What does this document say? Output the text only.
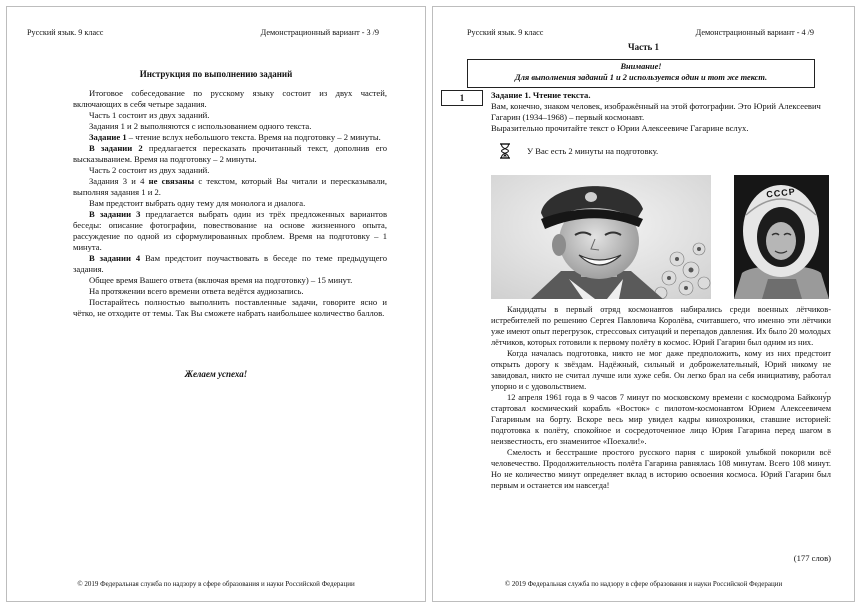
Русский язык. 9 класс	Демонстрационный вариант - 3 /9
Инструкция по выполнению заданий

Итоговое собеседование по русскому языку состоит из двух частей, включающих в себя четыре задания.

Часть 1 состоит из двух заданий.

Задания 1 и 2 выполняются с использованием одного текста.

Задание 1 – чтение вслух небольшого текста. Время на подготовку – 2 минуты.

В задании 2 предлагается пересказать прочитанный текст, дополнив его высказыванием. Время на подготовку – 2 минуты.

Часть 2 состоит из двух заданий.

Задания 3 и 4 не связаны с текстом, который Вы читали и пересказывали, выполняя задания 1 и 2.

Вам предстоит выбрать одну тему для монолога и диалога.

В задании 3 предлагается выбрать один из трёх предложенных вариантов беседы: описание фотографии, повествование на основе жизненного опыта, рассуждение по одной из сформулированных проблем. Время на подготовку – 1 минута.

В задании 4 Вам предстоит поучаствовать в беседе по теме предыдущего задания.

Общее время Вашего ответа (включая время на подготовку) – 15 минут.

На протяжении всего времени ответа ведётся аудиозапись.

Постарайтесь полностью выполнить поставленные задачи, говорите ясно и чётко, не отходите от темы. Так Вы сможете набрать наибольшее количество баллов.

Желаем успеха!
© 2019 Федеральная служба по надзору в сфере образования и науки Российской Федерации
Русский язык. 9 класс	Демонстрационный вариант - 4 /9
Часть 1
Внимание!
Для выполнения заданий 1 и 2 используется один и тот же текст.
1	Задание 1. Чтение текста.

Вам, конечно, знаком человек, изображённый на этой фотографии. Это Юрий Алексеевич Гагарин (1934–1968) – первый космонавт.

Выразительно прочитайте текст о Юрии Алексеевиче Гагарине вслух.

У Вас есть 2 минуты на подготовку.
СССР

Кандидаты в первый отряд космонавтов набирались среди военных лётчиков-истребителей по решению Сергея Павловича Королёва, считавшего, что именно эти лётчики уже имеют опыт перегрузок, стрессовых ситуаций и перепадов давления. Их было 20 молодых лётчиков, которых готовили к первому полёту в космос. Юрий Гагарин был одним из них.

Когда началась подготовка, никто не мог даже предположить, кому из них предстоит открыть дорогу к звёздам. Надёжный, сильный и доброжелательный, Юрий никому не завидовал, никто не считал лучше или хуже себя. Он легко брал на себя инициативу, работал упорно и с удовольствием.

12 апреля 1961 года в 9 часов 7 минут по московскому времени с космодрома Байкону́р стартовал космический корабль «Восток» с пилотом-космонавтом Юрием Алексеевичем Гагариным на борту. Вскоре весь мир увидел кадры кинохроники, ставшие историей: подготовка к полёту, спокойное и сосредоточенное лицо Юрия Гагарина перед шагом в неизвестность, его знаменитое «Поехали!».

Смелость и бесстрашие простого русского парня с широкой улыбкой покорили всё человечество. Продолжительность полёта Гагарина равнялась 108 минутам. Всего 108 минут. Но не количество минут определяет вклад в историю освоения космоса. Юрий Гагарин был первым и останется им навсегда!

(177 слов)
© 2019 Федеральная служба по надзору в сфере образования и науки Российской Федерации
